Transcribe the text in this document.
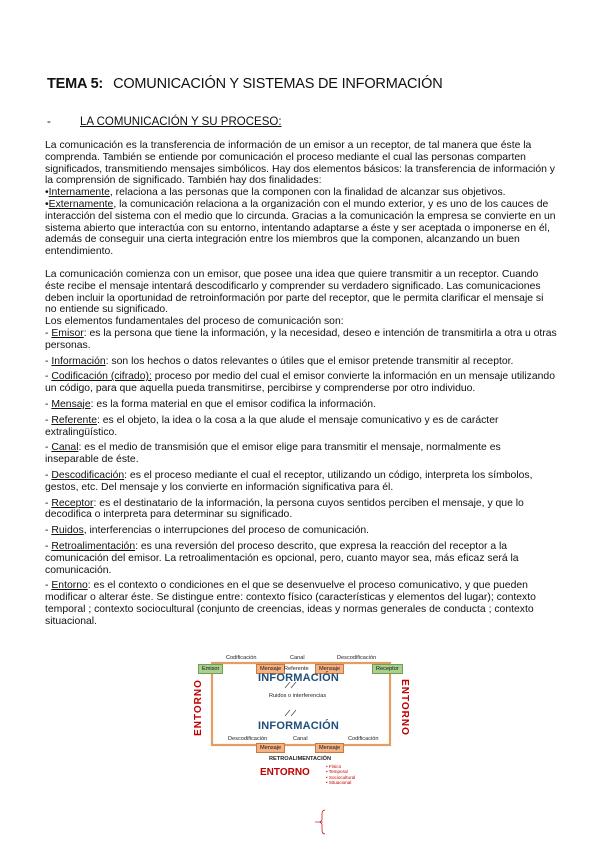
TEMA 5: COMUNICACIÓN Y SISTEMAS DE INFORMACIÓN
-	LA COMUNICACIÓN Y SU PROCESO:

La comunicación es la transferencia de información de un emisor a un receptor, de tal manera que éste la comprenda. También se entiende por comunicación el proceso mediante el cual las personas comparten significados, transmitiendo mensajes simbólicos. Hay dos elementos básicos: la transferencia de información y la comprensión de significado. También hay dos finalidades:

•Internamente, relaciona a las personas que la componen con la finalidad de alcanzar sus objetivos.

•Externamente, la comunicación relaciona a la organización con el mundo exterior, y es uno de los cauces de interacción del sistema con el medio que lo circunda. Gracias a la comunicación la empresa se convierte en un sistema abierto que interactúa con su entorno, intentando adaptarse a éste y ser aceptada o imponerse en él, además de conseguir una cierta integración entre los miembros que la componen, alcanzando un buen entendimiento.

La comunicación comienza con un emisor, que posee una idea que quiere transmitir a un receptor. Cuando éste recibe el mensaje intentará descodificarlo y comprender su verdadero significado. Las comunicaciones deben incluir la oportunidad de retroinformación por parte del receptor, que le permita clarificar el mensaje si no entiende su significado.

Los elementos fundamentales del proceso de comunicación son:

- Emisor: es la persona que tiene la información, y la necesidad, deseo e intención de transmitirla a otra u otras personas.

- Información: son los hechos o datos relevantes o útiles que el emisor pretende transmitir al receptor.

- Codificación (cifrado): proceso por medio del cual el emisor convierte la información en un mensaje utilizando un código, para que aquella pueda transmitirse, percibirse y comprenderse por otro individuo.

- Mensaje: es la forma material en que el emisor codifica la información.

- Referente: es el objeto, la idea o la cosa a la que alude el mensaje comunicativo y es de carácter extralingüístico.

- Canal: es el medio de transmisión que el emisor elige para transmitir el mensaje, normalmente es inseparable de éste.

- Descodificación: es el proceso mediante el cual el receptor, utilizando un código, interpreta los símbolos, gestos, etc. Del mensaje y los convierte en información significativa para él.

- Receptor: es el destinatario de la información, la persona cuyos sentidos perciben el mensaje, y que lo decodifica o interpreta para determinar su significado.

- Ruidos, interferencias o interrupciones del proceso de comunicación.

- Retroalimentación: es una reversión del proceso descrito, que expresa la reacción del receptor a la comunicación del emisor. La retroalimentación es opcional, pero, cuanto mayor sea, más eficaz será la comunicación.

- Entorno: es el contexto o condiciones en el que se desenvuelve el proceso comunicativo, y que pueden modificar o alterar éste. Se distingue entre: contexto físico (características y elementos del lugar); contexto temporal ; contexto sociocultural (conjunto de creencias, ideas y normas generales de conducta ; contexto situacional.

Codificación	Canal	Descodificación
Emisor	Mensaje Referente	Mensaje	Receptor
INFORMACIÓN
Ruidos o interferencias
INFORMACIÓN
Descodificación	Canal	Codificación
Mensaje	Mensaje
RETROALIMENTACIÓN
ENTORNO	ENTORNO
ENTORNO
• Físico
• Temporal
• Sociocultural
• Situacional
